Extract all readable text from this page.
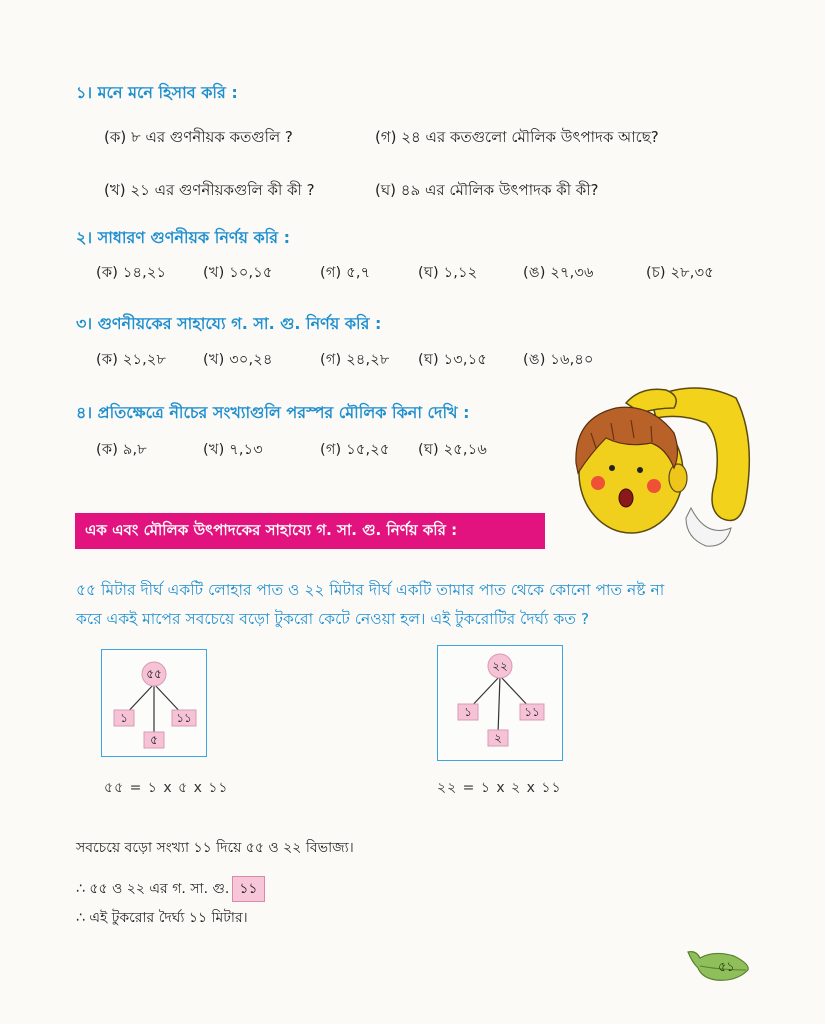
১। মনে মনে হিসাব করি :
(ক) ৮ এর গুণনীয়ক কতগুলি ?	(গ) ২৪ এর কতগুলো মৌলিক উৎপাদক আছে?
(খ) ২১ এর গুণনীয়কগুলি কী কী ?	(ঘ) ৪৯ এর মৌলিক উৎপাদক কী কী?
২। সাধারণ গুণনীয়ক নির্ণয় করি :
(ক) ১৪,২১	(খ) ১০,১৫	(গ) ৫,৭	(ঘ) ১,১২	(ঙ) ২৭,৩৬	(চ) ২৮,৩৫
৩। গুণনীয়কের সাহায্যে গ. সা. গু. নির্ণয় করি :
(ক) ২১,২৮	(খ) ৩০,২৪	(গ) ২৪,২৮ (ঘ) ১৩,১৫ (ঙ) ১৬,৪০
৪। প্রতিক্ষেত্রে নীচের সংখ্যাগুলি পরস্পর মৌলিক কিনা দেখি :
(ক) ৯,৮	(খ) ৭,১৩	(গ) ১৫,২৫ (ঘ) ২৫,১৬
এক এবং মৌলিক উৎপাদকের সাহায্যে গ. সা. গু. নির্ণয় করি :
৫৫ মিটার দীর্ঘ একটি লোহার পাত ও ২২ মিটার দীর্ঘ একটি তামার পাত থেকে কোনো পাত নষ্ট না
করে একই মাপের সবচেয়ে বড়ো টুকরো কেটে নেওয়া হল। এই টুকরোটির দৈর্ঘ্য কত ?
৫৫
১
৫
১১
৫৫ = ১ x ৫ x ১১
২২
১
২
১১
২২ = ১ x ২ x ১১
সবচেয়ে বড়ো সংখ্যা ১১ দিয়ে ৫৫ ও ২২ বিভাজ্য।
∴ ৫৫ ও ২২ এর গ. সা. গু. ১১
∴ এই টুকরোর দৈর্ঘ্য ১১ মিটার।
৫১
